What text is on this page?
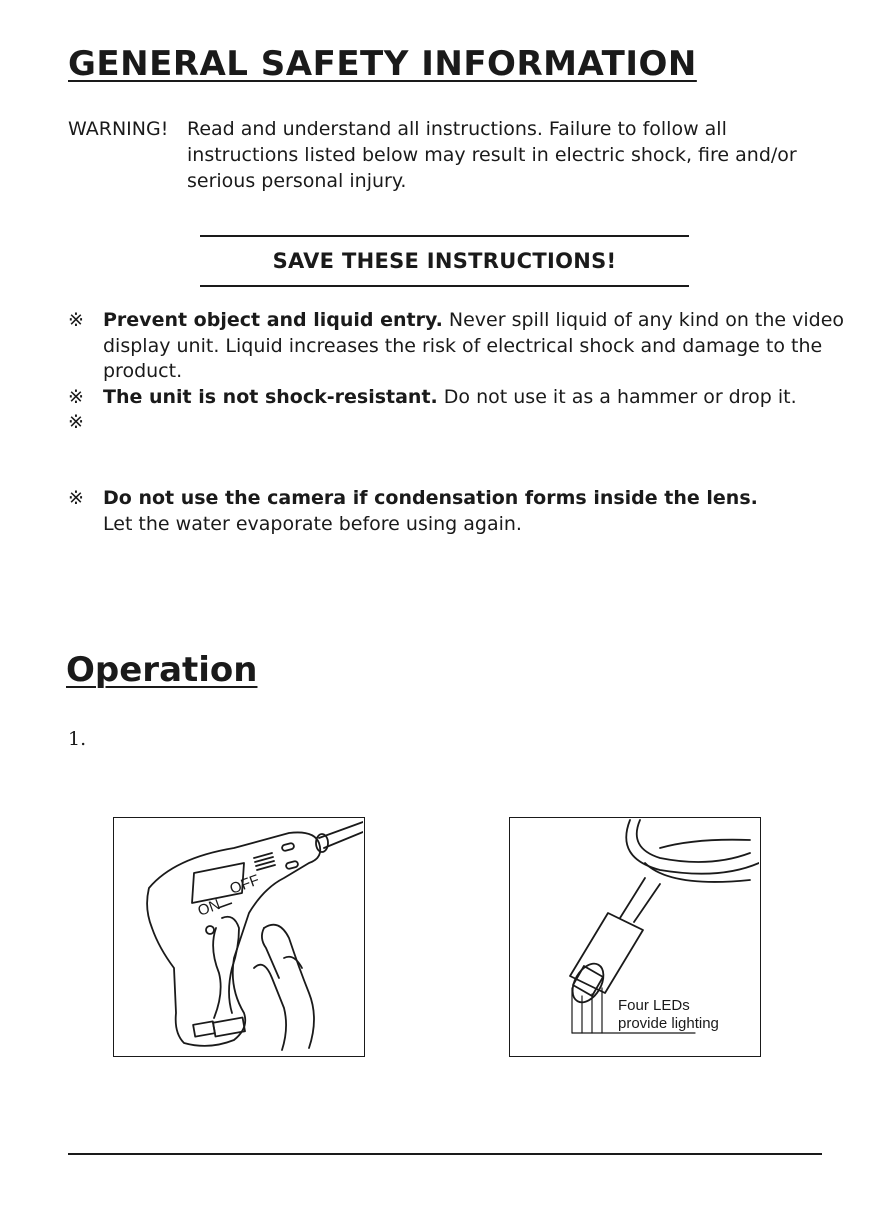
GENERAL SAFETY INFORMATION
WARNING! Read and understand all instructions. Failure to follow all instructions listed below may result in electric shock, fire and/or serious personal injury.
SAVE THESE INSTRUCTIONS!
※ Prevent object and liquid entry. Never spill liquid of any kind on the video display unit. Liquid increases the risk of electrical shock and damage to the product.
※ The unit is not shock-resistant. Do not use it as a hammer or drop it.
※
※ Do not use the camera if condensation forms inside the lens.
Let the water evaporate before using again.
Operation
1.
ON
OFF
Four LEDs
provide lighting
